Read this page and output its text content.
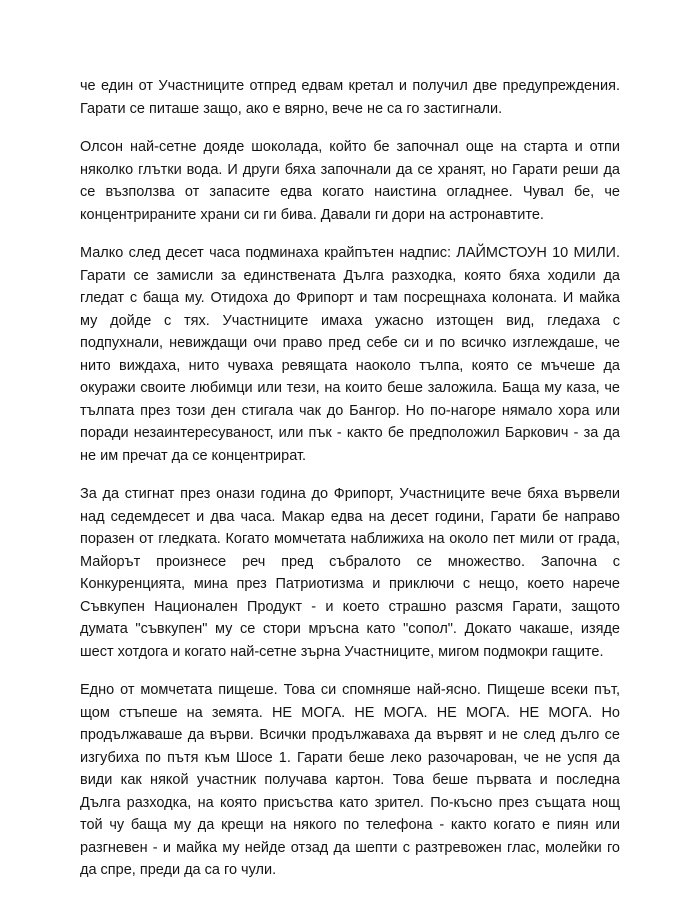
че един от Участниците отпред едвам кретал и получил две предупреждения. Гарати се питаше защо, ако е вярно, вече не са го застигнали.

Олсон най-сетне дояде шоколада, който бе започнал още на старта и отпи няколко глътки вода. И други бяха започнали да се хранят, но Гарати реши да се възползва от запасите едва когато наистина огладнее. Чувал бе, че концентрираните храни си ги бива. Давали ги дори на астронавтите.

Малко след десет часа подминаха крайпътен надпис: ЛАЙМСТОУН 10 МИЛИ. Гарати се замисли за единствената Дълга разходка, която бяха ходили да гледат с баща му. Отидоха до Фрипорт и там посрещнаха колоната. И майка му дойде с тях. Участниците имаха ужасно изтощен вид, гледаха с подпухнали, невиждащи очи право пред себе си и по всичко изглеждаше, че нито виждаха, нито чуваха ревящата наоколо тълпа, която се мъчеше да окуражи своите любимци или тези, на които беше заложила. Баща му каза, че тълпата през този ден стигала чак до Бангор. Но по-нагоре нямало хора или поради незаинтересуваност, или пък - както бе предположил Баркович - за да не им пречат да се концентрират.

За да стигнат през онази година до Фрипорт, Участниците вече бяха вървели над седемдесет и два часа. Макар едва на десет години, Гарати бе направо поразен от гледката. Когато момчетата наближиха на около пет мили от града, Майорът произнесе реч пред събралото се множество. Започна с Конкуренцията, мина през Патриотизма и приключи с нещо, което нарече Съвкупен Национален Продукт - и което страшно разсмя Гарати, защото думата "съвкупен" му се стори мръсна като "сопол". Докато чакаше, изяде шест хотдога и когато най-сетне зърна Участниците, мигом подмокри гащите.

Едно от момчетата пищеше. Това си спомняше най-ясно. Пищеше всеки път, щом стъпеше на земята. НЕ МОГА. НЕ МОГА. НЕ МОГА. НЕ МОГА. Но продължаваше да върви. Всички продължаваха да вървят и не след дълго се изгубиха по пътя към Шосе 1. Гарати беше леко разочарован, че не успя да види как някой участник получава картон. Това беше първата и последна Дълга разходка, на която присъства като зрител. По-късно през същата нощ той чу баща му да крещи на някого по телефона - както когато е пиян или разгневен - и майка му нейде отзад да шепти с разтревожен глас, молейки го да спре, преди да са го чули.
